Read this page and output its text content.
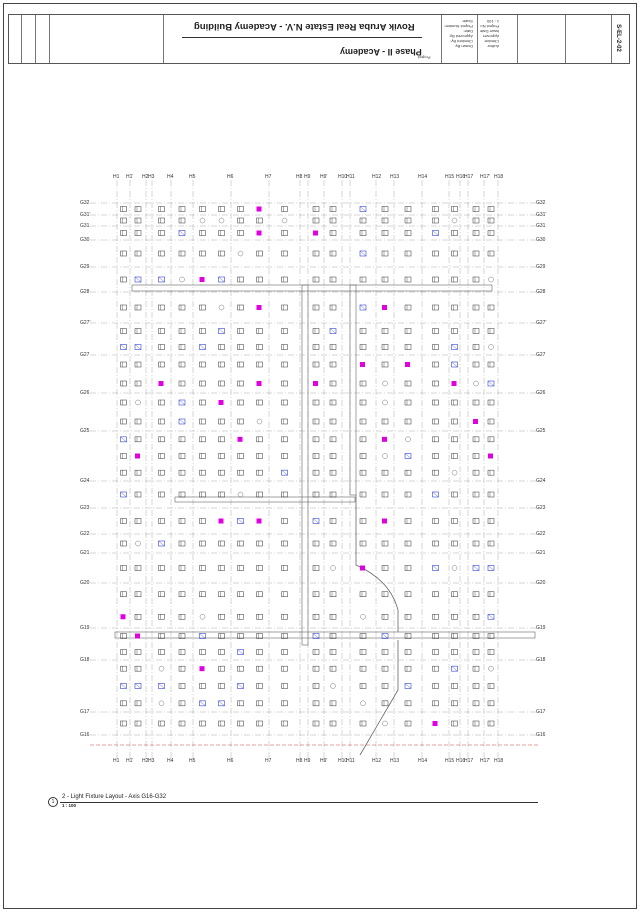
Rovik Aruba Real Estate N.V. - Academy Building
Phase II - Academy
Project
Drawn By:
Checked By:
Approved By:
Date:
Project Number:
Scale:
Author
Checker
Approver
Issue Date
Project No
1 : 100
S-EL-2-02
H1 H1' H2 H3	H4	H5	H6	H7	H8 H9 H9' H10
H11	H12 H13	H14	H15 H16
H17 H17' H18
H1 H1' H2 H3	H4	H5	H6	H7	H8 H9 H9' H10
H11	H12 H13	H14	H15 H16
H17 H17' H18
G32
G31'
G31
G30
G29
G28
G27'
G27
G26
G25
G24
G23
G22
G21
G20
G19
G18
G17
G16
G32
G31'
G31
G30
G29
G28
G27'
G27
G26
G25
G24
G23
G22
G21
G20
G19
G18
G17
G16
1
2 - Light Fixture Layout - Axis G16-G32
1 : 100
